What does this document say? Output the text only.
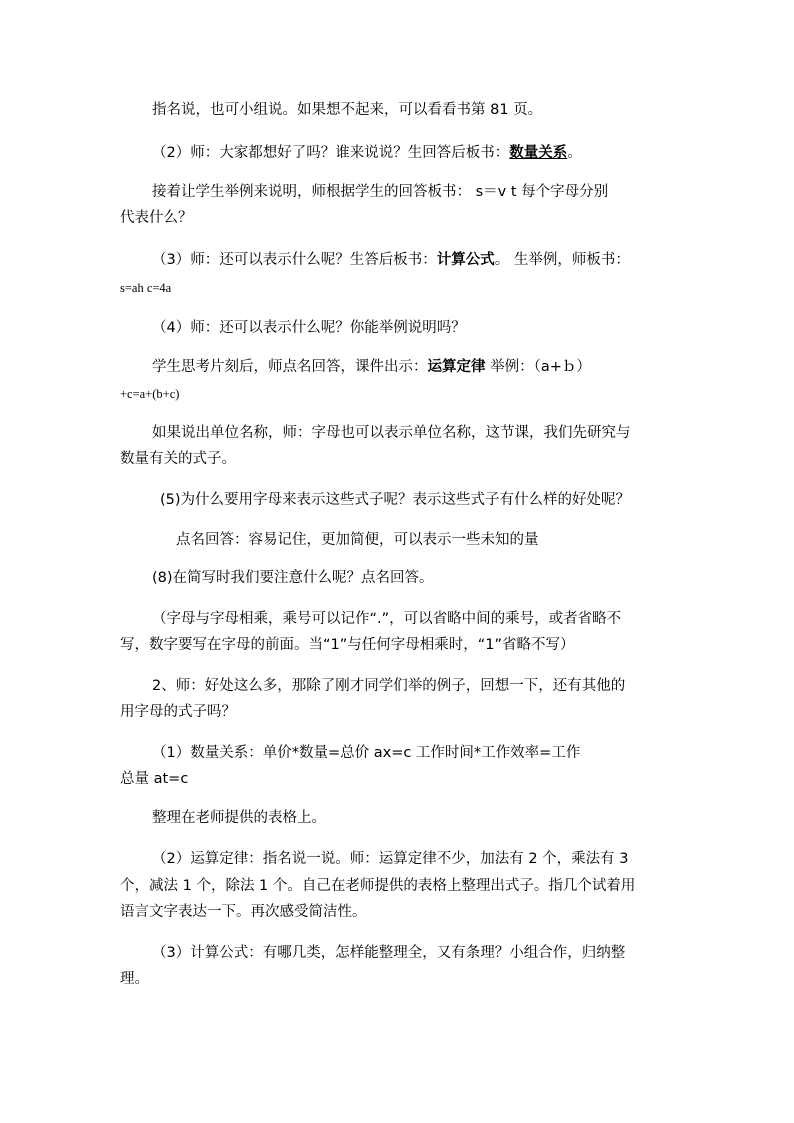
指名说，也可小组说。如果想不起来，可以看看书第 81 页。
（2）师：大家都想好了吗？谁来说说？生回答后板书：数量关系。
接着让学生举例来说明，师根据学生的回答板书： s＝v t 每个字母分别
代表什么？
（3）师：还可以表示什么呢？生答后板书：计算公式。 生举例，师板书：
s=ah c=4a
（4）师：还可以表示什么呢？你能举例说明吗？
学生思考片刻后，师点名回答，课件出示：运算定律 举例：（a+ｂ）
+c=a+(b+c)
如果说出单位名称，师：字母也可以表示单位名称，这节课，我们先研究与
数量有关的式子。
(5)为什么要用字母来表示这些式子呢？表示这些式子有什么样的好处呢？
点名回答：容易记住，更加简便，可以表示一些未知的量
(8)在简写时我们要注意什么呢？点名回答。
（字母与字母相乘，乘号可以记作“.”，可以省略中间的乘号，或者省略不
写，数字要写在字母的前面。当“1”与任何字母相乘时，“1”省略不写）
2、师：好处这么多，那除了刚才同学们举的例子，回想一下，还有其他的
用字母的式子吗？
（1）数量关系：单价*数量=总价 ax=c 工作时间*工作效率=工作
总量 at=c
整理在老师提供的表格上。
（2）运算定律：指名说一说。师：运算定律不少，加法有 2 个，乘法有 3
个，减法 1 个，除法 1 个。自己在老师提供的表格上整理出式子。指几个试着用
语言文字表达一下。再次感受简洁性。
（3）计算公式：有哪几类，怎样能整理全，又有条理？小组合作，归纳整
理。
